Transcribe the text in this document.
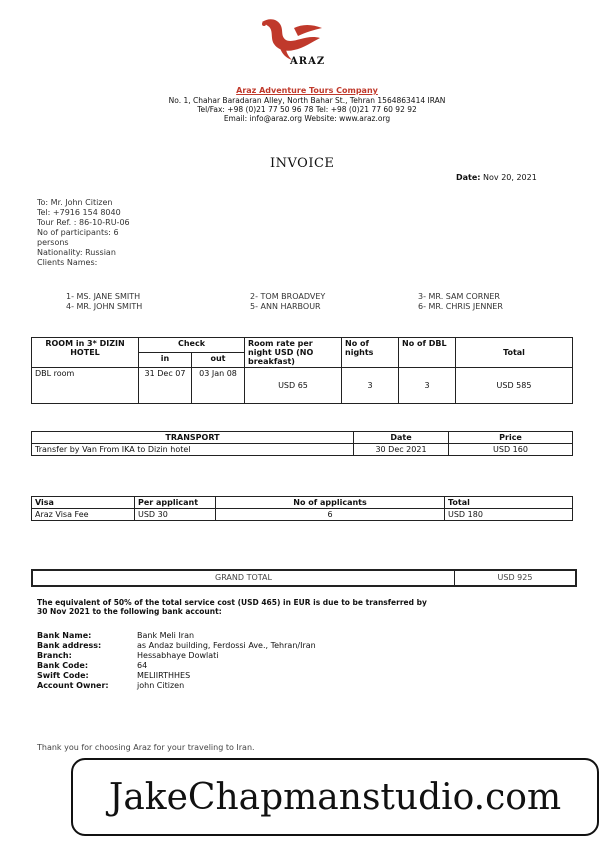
ARAZ
Araz Adventure Tours Company
No. 1, Chahar Baradaran Alley, North Bahar St., Tehran 1564863414 IRAN
Tel/Fax: +98 (0)21 77 50 96 78 Tel: +98 (0)21 77 60 92 92
Email: info@araz.org Website: www.araz.org
INVOICE
Date: Nov 20, 2021
To: Mr. John Citizen
Tel: +7916 154 8040
Tour Ref. : 86-10-RU-06
No of participants: 6
persons
Nationality: Russian
Clients Names:
1- MS. JANE SMITH	2- TOM BROADVEY	3- MR. SAM CORNER
4- MR. JOHN SMITH	5- ANN HARBOUR	6- MR. CHRIS JENNER
ROOM in 3* DIZIN HOTEL	Check		Room rate per night USD (NO breakfast)	No of nights	No of DBL	Total
	in	out				
DBL room	31 Dec 07	03 Jan 08	USD 65	3	3	USD 585
TRANSPORT	Date	Price
Transfer by Van From IKA to Dizin hotel	30 Dec 2021	USD 160
Visa	Per applicant	No of applicants	Total
Araz Visa Fee	USD 30	6	USD 180
GRAND TOTAL	USD 925
The equivalent of 50% of the total service cost (USD 465) in EUR is due to be transferred by 30 Nov 2021 to the following bank account:
Bank Name:	Bank Meli Iran
Bank address:	as Andaz building, Ferdossi Ave., Tehran/Iran
Branch:	Hessabhaye Dowlati
Bank Code:	64
Swift Code:	MELIIRTHHES
Account Owner:	john Citizen
Thank you for choosing Araz for your traveling to Iran.
JakeChapmanstudio.com
